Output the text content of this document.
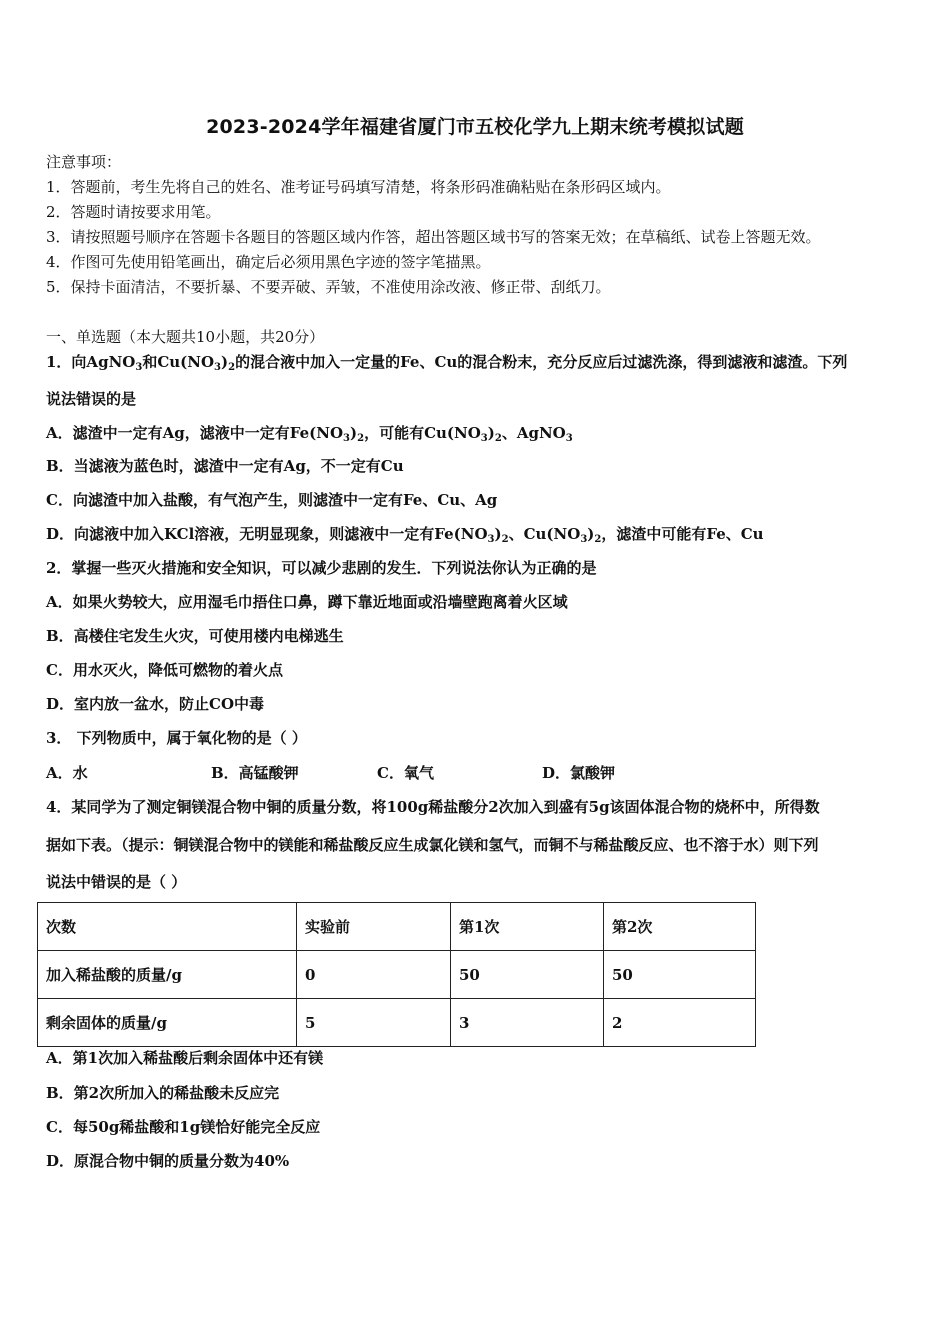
2023-2024学年福建省厦门市五校化学九上期末统考模拟试题
注意事项：
1．答题前，考生先将自己的姓名、准考证号码填写清楚，将条形码准确粘贴在条形码区域内。
2．答题时请按要求用笔。
3．请按照题号顺序在答题卡各题目的答题区域内作答，超出答题区域书写的答案无效；在草稿纸、试卷上答题无效。
4．作图可先使用铅笔画出，确定后必须用黑色字迹的签字笔描黑。
5．保持卡面清洁，不要折暴、不要弄破、弄皱，不准使用涂改液、修正带、刮纸刀。
一、单选题（本大题共10小题，共20分）
1．向AgNO$_3$和$Cu(NO_3)_2$的混合液中加入一定量的Fe、Cu的混合粉末，充分反应后过滤洗涤，得到滤液和滤渣。下列
说法错误的是
A．滤渣中一定有Ag，滤液中一定有$Fe(NO_3)_2$，可能有$Cu(NO_3)_2$、AgNO$_3$
B．当滤液为蓝色时，滤渣中一定有Ag，不一定有Cu
C．向滤渣中加入盐酸，有气泡产生，则滤渣中一定有Fe、Cu、Ag
D．向滤液中加入KCl溶液，无明显现象，则滤液中一定有$Fe(NO_3)_2$、$Cu(NO_3)_2$，滤渣中可能有Fe、Cu
2．掌握一些灭火措施和安全知识，可以减少悲剧的发生．下列说法你认为正确的是
A．如果火势较大，应用湿毛巾捂住口鼻，蹲下靠近地面或沿墙壁跑离着火区域
B．高楼住宅发生火灾，可使用楼内电梯逃生
C．用水灭火，降低可燃物的着火点
D．室内放一盆水，防止CO中毒
3． 下列物质中，属于氧化物的是（ ）
A．水	B．高锰酸钾	C．氧气	D．氯酸钾
4．某同学为了测定铜镁混合物中铜的质量分数，将100g稀盐酸分2次加入到盛有5g该固体混合物的烧杯中，所得数
据如下表。（提示：铜镁混合物中的镁能和稀盐酸反应生成氯化镁和氢气，而铜不与稀盐酸反应、也不溶于水）则下列
说法中错误的是（ ）
次数	实验前	第1次	第2次
加入稀盐酸的质量/g	0	50	50
剩余固体的质量/g	5	3	2
A．第1次加入稀盐酸后剩余固体中还有镁
B．第2次所加入的稀盐酸未反应完
C．每50g稀盐酸和1g镁恰好能完全反应
D．原混合物中铜的质量分数为40%
